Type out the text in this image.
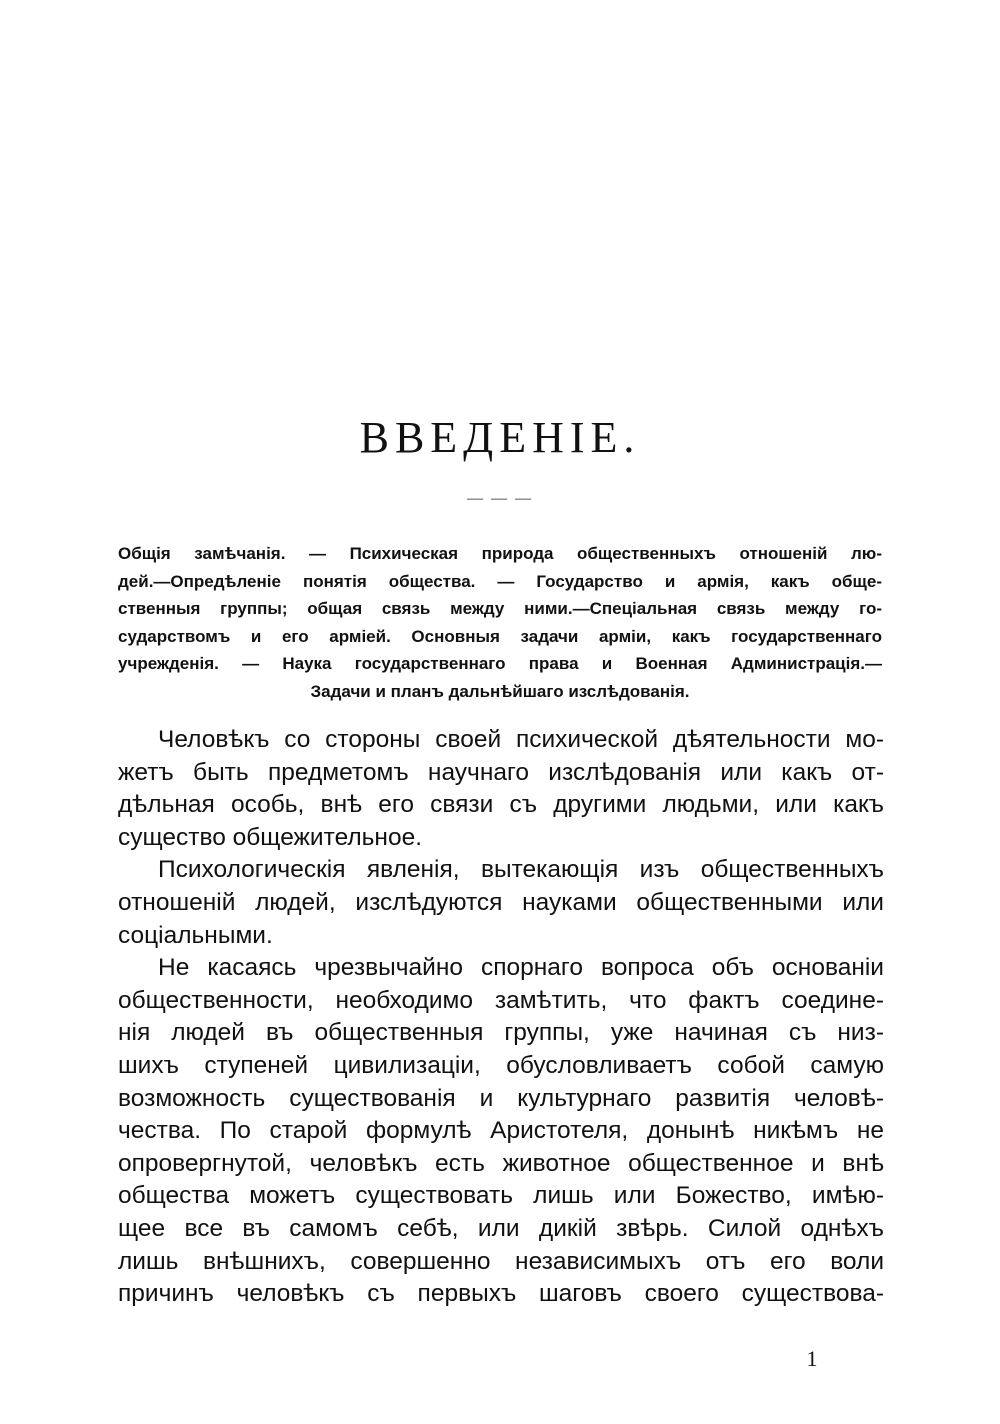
ВВЕДЕНІЕ.
— — —
Общія замѣчанія. — Психическая природа общественныхъ отношеній лю-
дей.—Опредѣленіе понятія общества. — Государство и армія, какъ обще-
ственныя группы; общая связь между ними.—Спеціальная связь между го-
сударствомъ и его арміей. Основныя задачи арміи, какъ государственнаго
учрежденія. — Наука государственнаго права и Военная Администрація.—
Задачи и планъ дальнѣйшаго изслѣдованія.
Человѣкъ со стороны своей психической дѣятельности мо-
жетъ быть предметомъ научнаго изслѣдованія или какъ от-
дѣльная особь, внѣ его связи съ другими людьми, или какъ
существо общежительное.
Психологическія явленія, вытекающія изъ общественныхъ
отношеній людей, изслѣдуются науками общественными или
соціальными.
Не касаясь чрезвычайно спорнаго вопроса объ основаніи
общественности, необходимо замѣтить, что фактъ соедине-
нія людей въ общественныя группы, уже начиная съ низ-
шихъ ступеней цивилизаціи, обусловливаетъ собой самую
возможность существованія и культурнаго развитія человѣ-
чества. По старой формулѣ Аристотеля, донынѣ никѣмъ не
опровергнутой, человѣкъ есть животное общественное и внѣ
общества можетъ существовать лишь или Божество, имѣю-
щее все въ самомъ себѣ, или дикій звѣрь. Силой однѣхъ
лишь внѣшнихъ, совершенно независимыхъ отъ его воли
причинъ человѣкъ съ первыхъ шаговъ своего существова-
1
